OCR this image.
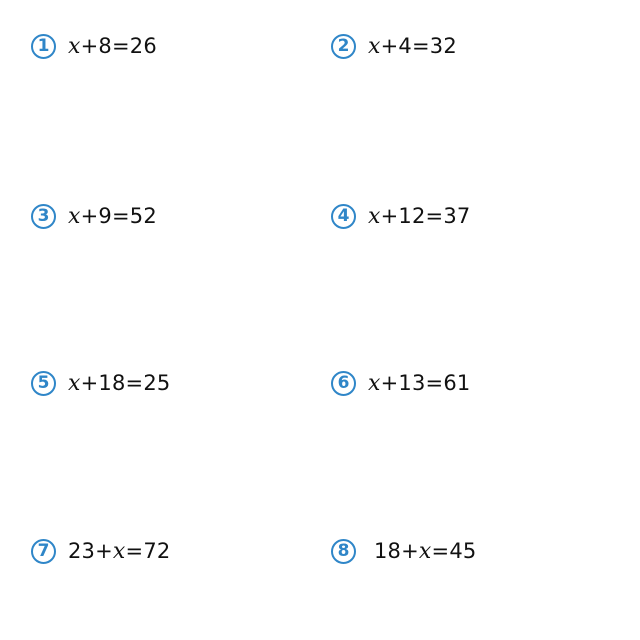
1 x+8=26	2 x+4=32
3 x+9=52	4 x+12=37
5 x+18=25	6 x+13=61
7 23+x=72	8	18+x=45
